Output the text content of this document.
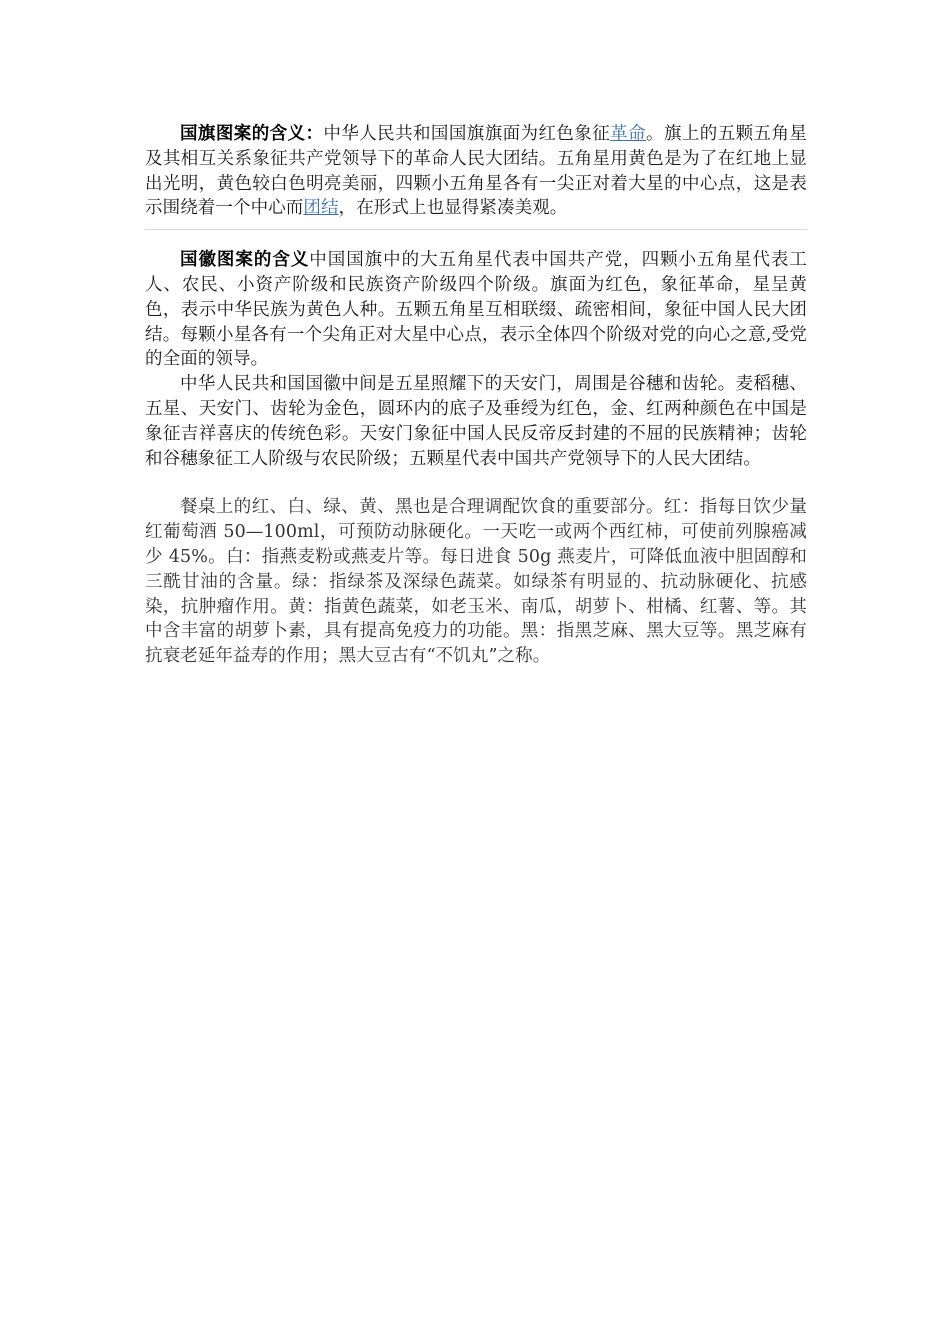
国旗图案的含义：中华人民共和国国旗旗面为红色象征革命。旗上的五颗五角星及其相互关系象征共产党领导下的革命人民大团结。五角星用黄色是为了在红地上显出光明，黄色较白色明亮美丽，四颗小五角星各有一尖正对着大星的中心点，这是表示围绕着一个中心而团结，在形式上也显得紧凑美观。

国徽图案的含义中国国旗中的大五角星代表中国共产党，四颗小五角星代表工人、农民、小资产阶级和民族资产阶级四个阶级。旗面为红色，象征革命，星呈黄色，表示中华民族为黄色人种。五颗五角星互相联缀、疏密相间，象征中国人民大团结。每颗小星各有一个尖角正对大星中心点，表示全体四个阶级对党的向心之意,受党的全面的领导。

中华人民共和国国徽中间是五星照耀下的天安门，周围是谷穗和齿轮。麦稻穗、五星、天安门、齿轮为金色，圆环内的底子及垂绶为红色，金、红两种颜色在中国是象征吉祥喜庆的传统色彩。天安门象征中国人民反帝反封建的不屈的民族精神；齿轮和谷穗象征工人阶级与农民阶级；五颗星代表中国共产党领导下的人民大团结。

餐桌上的红、白、绿、黄、黑也是合理调配饮食的重要部分。红：指每日饮少量红葡萄酒 50—100ml，可预防动脉硬化。一天吃一或两个西红柿，可使前列腺癌减少 45%。白：指燕麦粉或燕麦片等。每日进食 50g 燕麦片，可降低血液中胆固醇和三酰甘油的含量。绿：指绿茶及深绿色蔬菜。如绿茶有明显的、抗动脉硬化、抗感染，抗肿瘤作用。黄：指黄色蔬菜，如老玉米、南瓜，胡萝卜、柑橘、红薯、等。其中含丰富的胡萝卜素，具有提高免疫力的功能。黑：指黑芝麻、黑大豆等。黑芝麻有抗衰老延年益寿的作用；黑大豆古有“不饥丸”之称。
